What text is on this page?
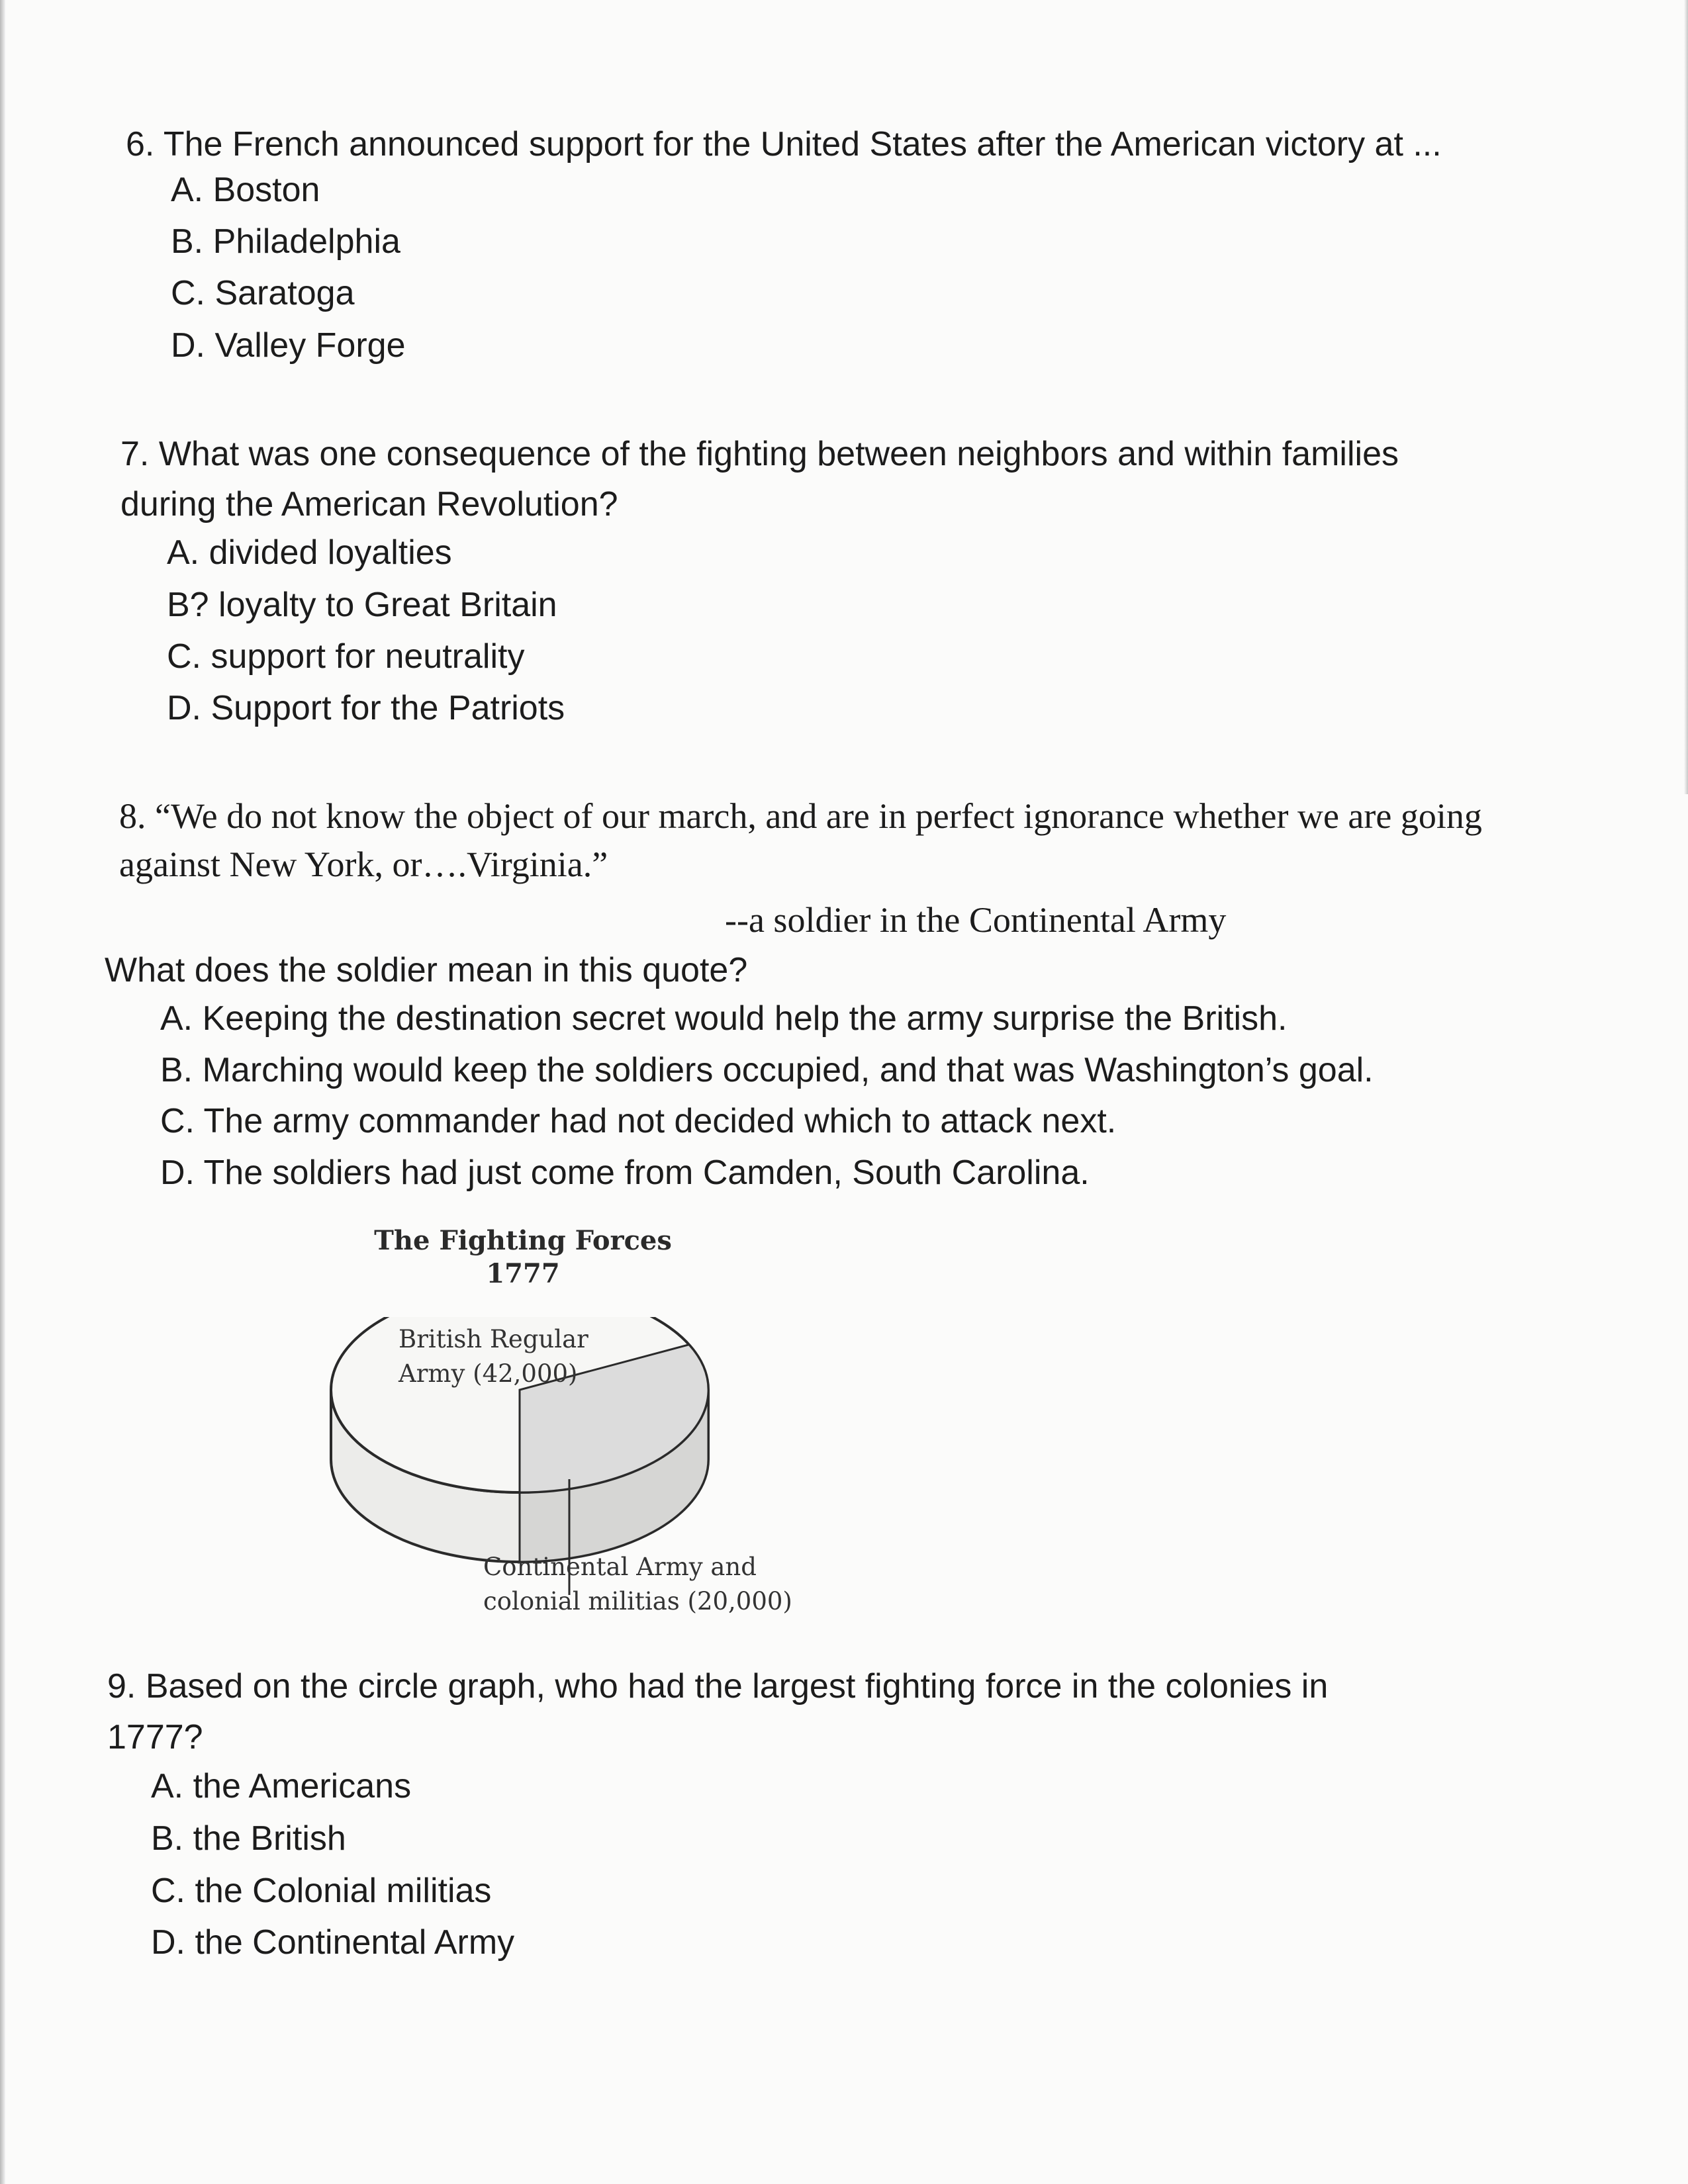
6. The French announced support for the United States after the American victory at ...
A. Boston
B. Philadelphia
C. Saratoga
D. Valley Forge
7. What was one consequence of the fighting between neighbors and within families
during the American Revolution?
A. divided loyalties
B? loyalty to Great Britain
C. support for neutrality
D. Support for the Patriots
8. “We do not know the object of our march, and are in perfect ignorance whether we are going
against New York, or….Virginia.”
--a soldier in the Continental Army
What does the soldier mean in this quote?
A. Keeping the destination secret would help the army surprise the British.
B. Marching would keep the soldiers occupied, and that was Washington’s goal.
C. The army commander had not decided which to attack next.
D. The soldiers had just come from Camden, South Carolina.
The Fighting Forces
1777
British Regular
Army (42,000)
Continental Army and
colonial militias (20,000)
9. Based on the circle graph, who had the largest fighting force in the colonies in
1777?
A. the Americans
B. the British
C. the Colonial militias
D. the Continental Army
